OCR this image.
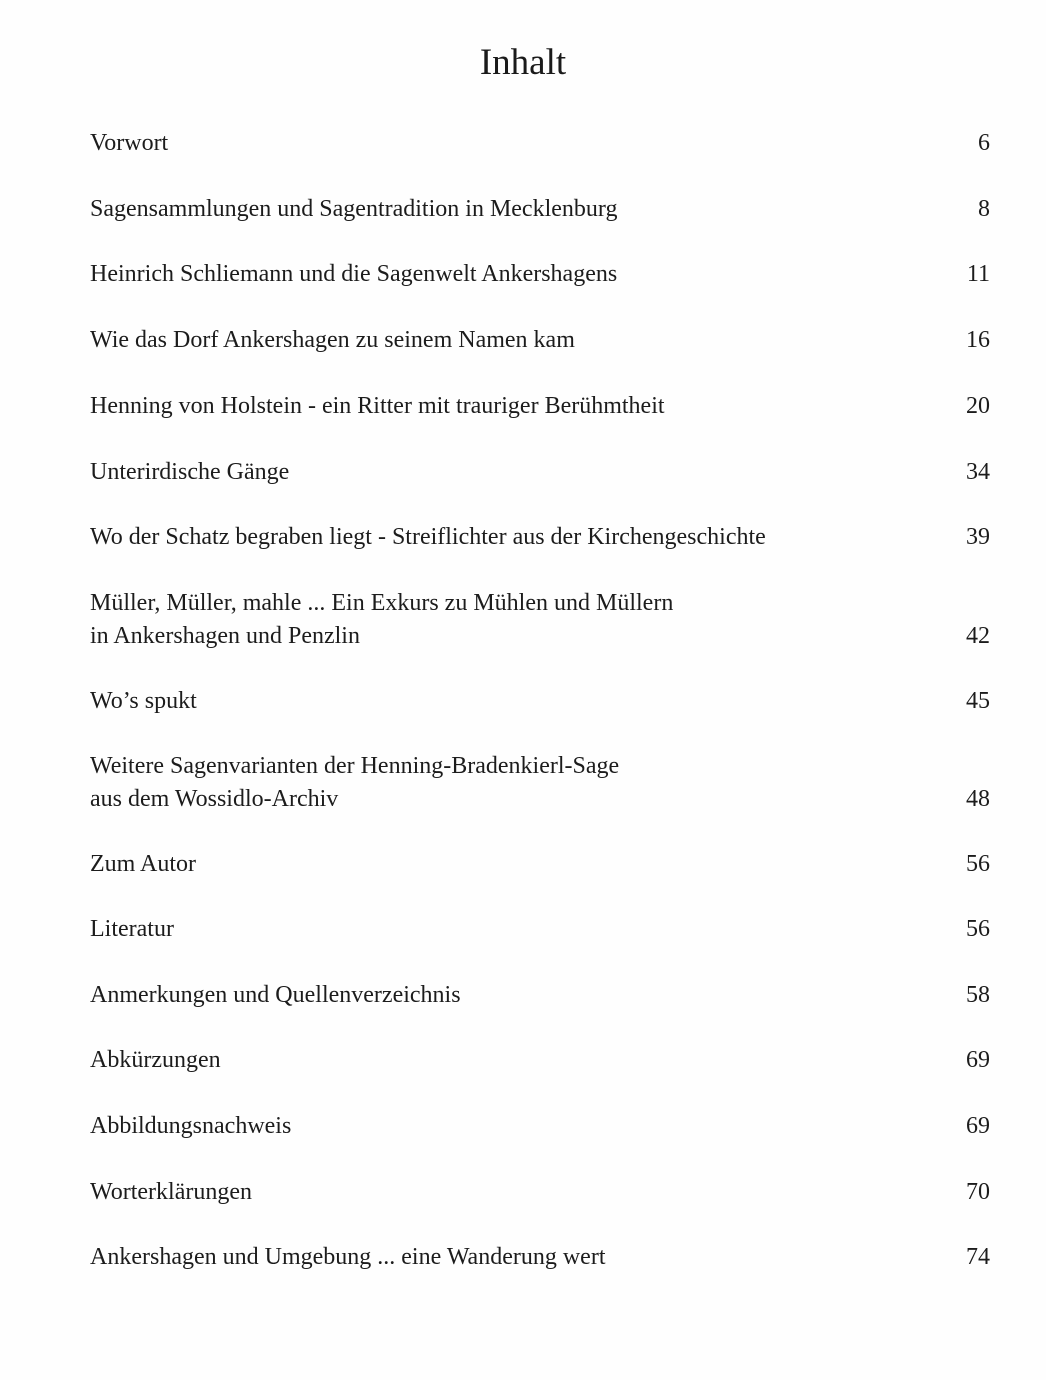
Inhalt
Vorwort	6
Sagensammlungen und Sagentradition in Mecklenburg	8
Heinrich Schliemann und die Sagenwelt Ankershagens	11
Wie das Dorf Ankershagen zu seinem Namen kam	16
Henning von Holstein - ein Ritter mit trauriger Berühmtheit	20
Unterirdische Gänge	34
Wo der Schatz begraben liegt - Streiflichter aus der Kirchengeschichte	39
Müller, Müller, mahle ... Ein Exkurs zu Mühlen und Müllern
in Ankershagen und Penzlin	42
Wo’s spukt	45
Weitere Sagenvarianten der Henning-Bradenkierl-Sage
aus dem Wossidlo-Archiv	48
Zum Autor	56
Literatur	56
Anmerkungen und Quellenverzeichnis	58
Abkürzungen	69
Abbildungsnachweis	69
Worterklärungen	70
Ankershagen und Umgebung ... eine Wanderung wert	74
